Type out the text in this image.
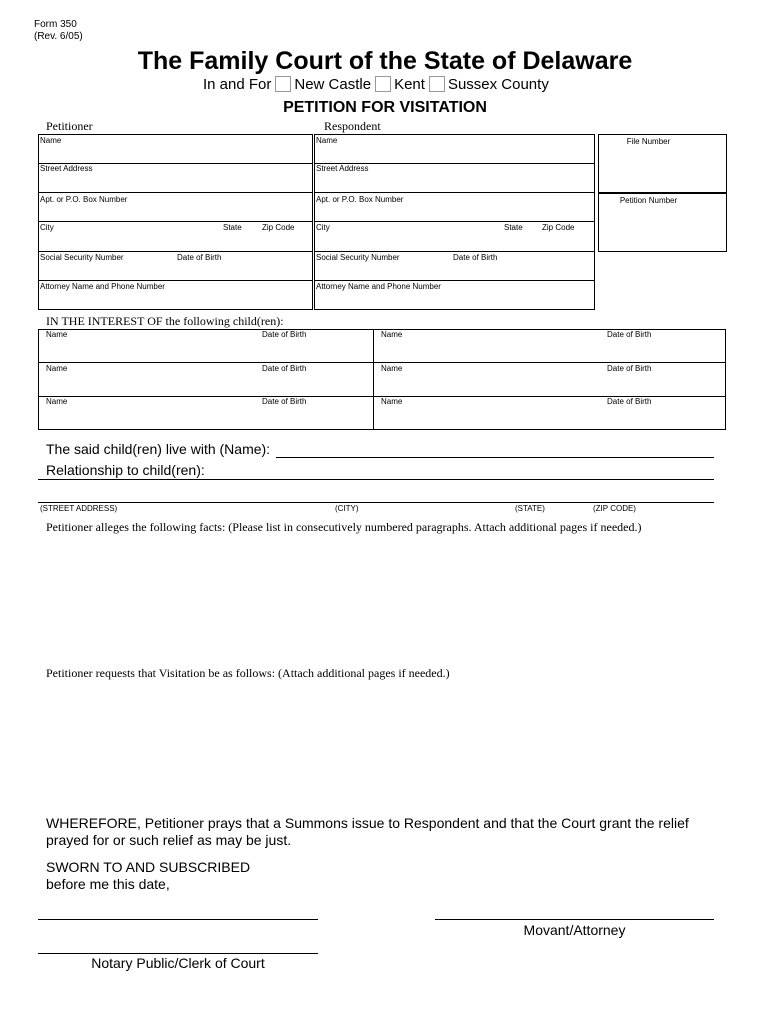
Form 350
(Rev. 6/05)
The Family Court of the State of Delaware
In and For New Castle Kent Sussex County
PETITION FOR VISITATION
Petitioner	Respondent
Name
Street Address
Apt. or P.O. Box Number
City	State	Zip Code
Social Security Number	Date of Birth
Attorney Name and Phone Number
Name
Street Address
Apt. or P.O. Box Number
City	State Zip Code
Social Security Number	Date of Birth
Attorney Name and Phone Number
File Number
Petition Number
IN THE INTEREST OF the following child(ren):
Name	Date of Birth	Name	Date of Birth
Name	Date of Birth	Name	Date of Birth
Name	Date of Birth	Name	Date of Birth
The said child(ren) live with (Name):
Relationship to child(ren):
(STREET ADDRESS)	(CITY)	(STATE)	(ZIP CODE)
Petitioner alleges the following facts: (Please list in consecutively numbered paragraphs. Attach additional pages if needed.)
Petitioner requests that Visitation be as follows: (Attach additional pages if needed.)
WHEREFORE, Petitioner prays that a Summons issue to Respondent and that the Court grant the relief
prayed for or such relief as may be just.
SWORN TO AND SUBSCRIBED
before me this date,
Movant/Attorney
Notary Public/Clerk of Court
